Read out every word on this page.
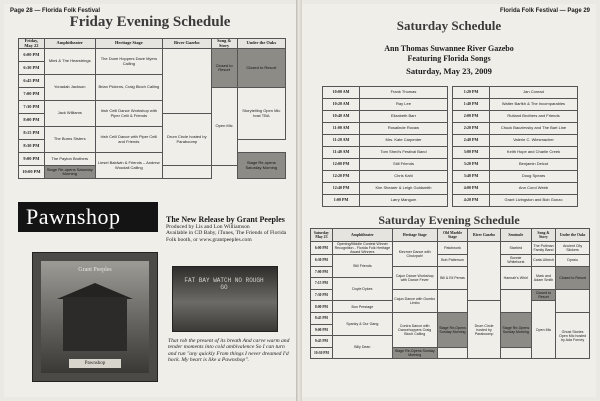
Page 28 — Florida Folk Festival
Friday Evening Schedule
Friday, May 22	Amphitheater	Heritage Stage	River Gazebo	Song & Story	Under the Oaks
6:00 PM	Mimi & The Hearstrings	The Dune Hoppers Dave Myers Calling		Closed to Resort	Closed to Resort
6:30 PM					
6:45 PM	Yonadab Jackson	Brian Pickens, Craig Bloch Calling			
7:00 PM				Open Mic	Storytelling Open Mic host TBA
7:30 PM	Jack Williams	Irish Ceili Dance Workshop with Piper Ceili & Friends			
8:00 PM			Drum Circle hosted by Paraboomp		
8:15 PM	The Burns Sisters	Irish Ceili Dance with Piper Ceili and Friends			
8:30 PM					
9:00 PM	The Payton Brothers	Liesel Baldwin & Friends – Andrew Woodall Calling			Stage Re-opens Saturday Morning
10:00 PM	Stage Re-opens Saturday Morning				
Pawnshop
Grant Peeples
Pawnshop
The New Release by Grant Peeples
Produced by Lis and Lon Williamson
Available in CD Baby, iTunes, The Friends of Florida Folk booth, or www.grantpeeples.com
FAT BAY WATCH NO ROUGH GO
That rob the present of its breath And carve warm and tender moments into cold ambivalence So I can turn and run "any quickly From things I never dreamed I'd hock. My heart is like a Pawnshop".
Florida Folk Festival — Page 29
Saturday Schedule
Ann Thomas Suwannee River Gazebo
Featuring Florida Songs
Saturday, May 23, 2009
10:00 AM	Frank Thomas
10:20 AM	Ray Lee
10:40 AM	Elizabeth Barr
11:00 AM	Rosalinde Rovaw
11:20 AM	Mrs. Kate Carpenter
11:40 AM	Tom Shed's Festival Band
12:00 PM	Still Friends
12:20 PM	Chris Kahl
12:40 PM	Kim Shearer & Leigh Goldsmith
1:00 PM	Larry Mangum
1:20 PM	Jan Conrad
1:40 PM	Walter Barfkh & The Incomparables
2:00 PM	Rutland Brothers and Friends
2:20 PM	Chuck Baczlevsky and The Bart Line
2:40 PM	Valerie C. Wiesmacher
3:00 PM	Keith Hope and Charlie Creek
3:20 PM	Benjamin Delcot
3:40 PM	Doug Spears
4:00 PM	Ann Corol Webb
4:20 PM	Grant Livingston and Bob Gonzo
Saturday Evening Schedule
Saturday May 23	Amphitheater	Heritage Stage	Old Marble Stage	River Gazebo	Seminole	Song & Story	Under the Oaks
6:00 PM	Opening/Middle Contest Winner Recognition - Florida Folk Heritage Award Winners	Klezmer Dance with Chutzpah!	Patchwork		Starbird	The Pullman Family Band	Ancient City Slickers
6:30 PM	Still Friends		Bob Patterson		Bonnie Whitehurst	Carla Ulbrich	Dpraiu
7:00 PM		Cajun Dance Workshop with Dance Fever	Bill & Eli Perras		Hannah's Whirl	Mark and Adam Smith	Closed to Resort
7:15 PM	Doyle Dykes						
7:30 PM		Cajun Dance with Gumbo Limbo				Closed to Resort	
8:00 PM	Bon Prestage			Drum Circle hosted by Paraboomp		Open Mic	
8:45 PM	Spanky & Our Gang	Contra Dance with Dancehoppers Craig Bloch Calling	Stage Re-Opens Sunday Morning		Stage Re-Opens Sunday Morning		Ghost Stories Open Mic hosted by Ada Forney
9:00 PM							
9:45 PM	Billy Dean						
10:30 PM		Stage Re-Opens Sunday Morning					
